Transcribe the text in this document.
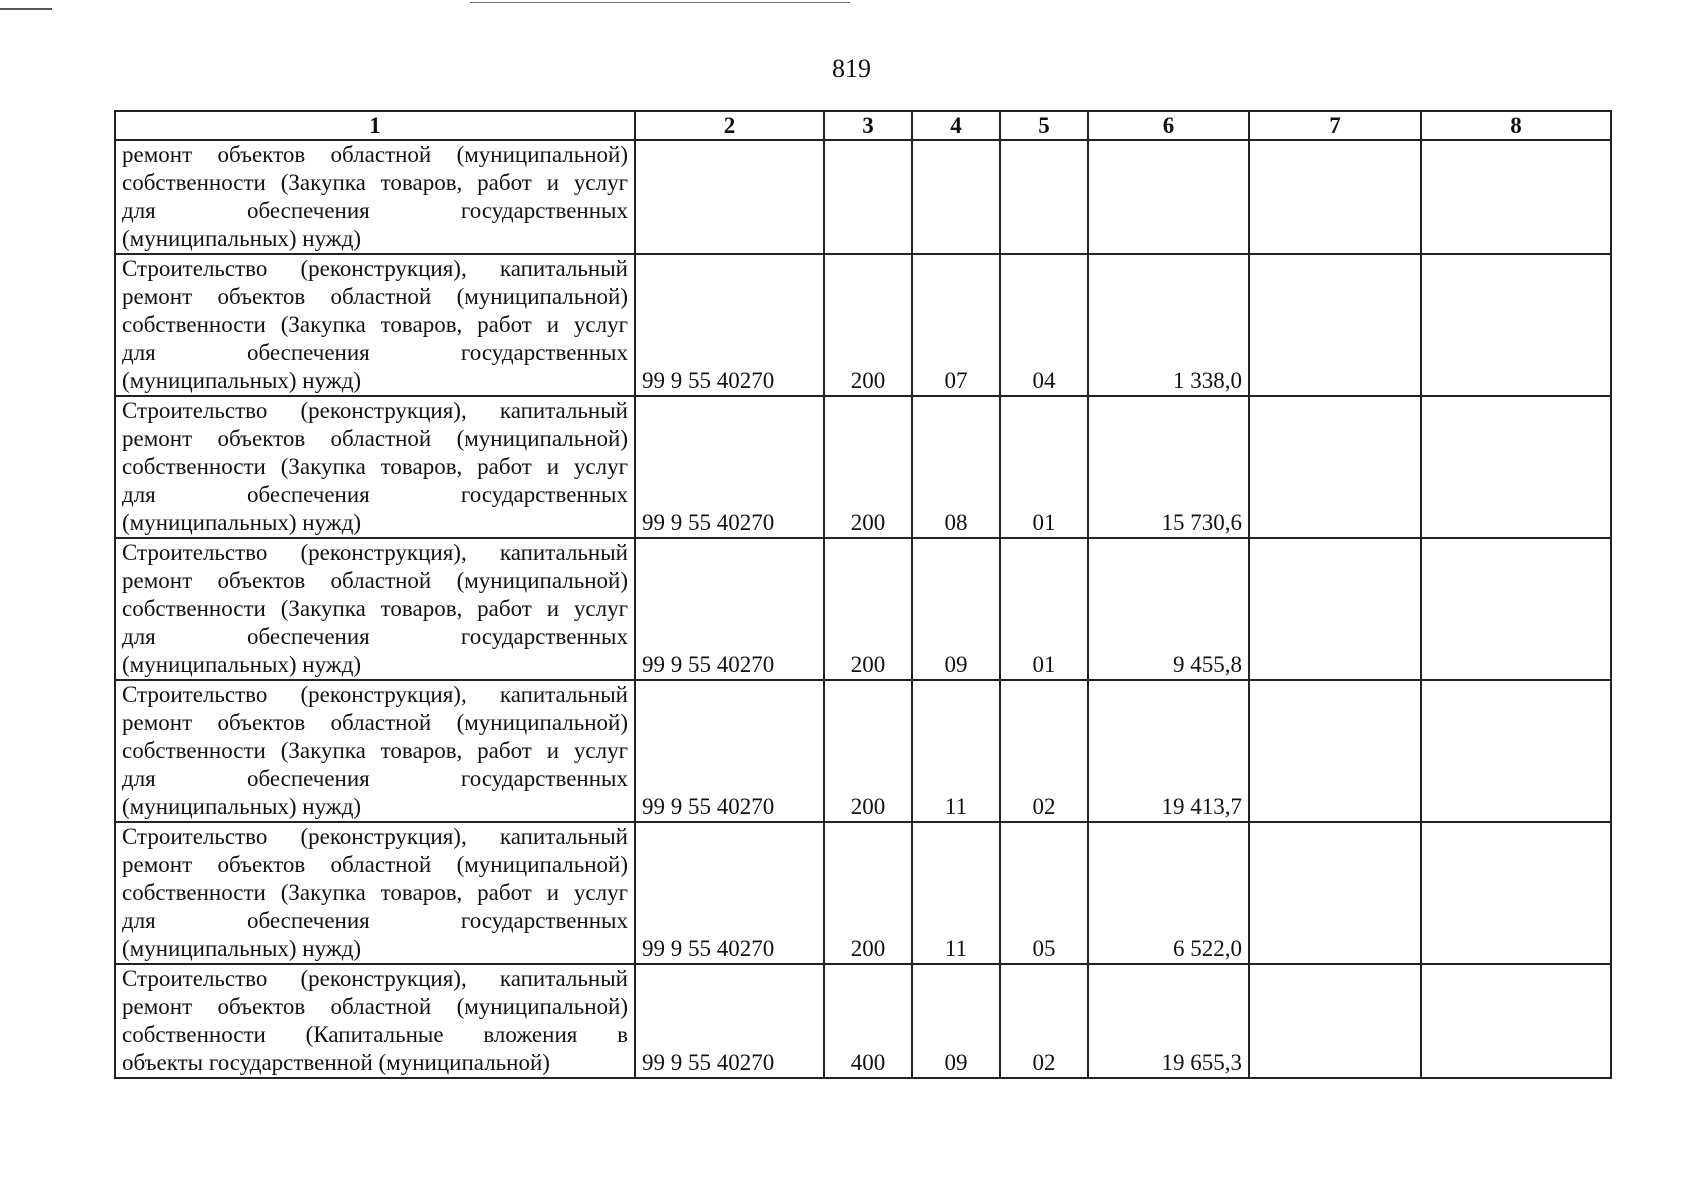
819
1	2	3	4	5	6	7	8

ремонт объектов областной (муниципальной)
собственности (Закупка товаров, работ и услуг
для обеспечения государственных
(муниципальных) нужд)							

Строительство (реконструкция), капитальный
ремонт объектов областной (муниципальной)
собственности (Закупка товаров, работ и услуг
для обеспечения государственных
(муниципальных) нужд)	99 9 55 40270	200	07	04	1 338,0		

Строительство (реконструкция), капитальный
ремонт объектов областной (муниципальной)
собственности (Закупка товаров, работ и услуг
для обеспечения государственных
(муниципальных) нужд)	99 9 55 40270	200	08	01	15 730,6		

Строительство (реконструкция), капитальный
ремонт объектов областной (муниципальной)
собственности (Закупка товаров, работ и услуг
для обеспечения государственных
(муниципальных) нужд)	99 9 55 40270	200	09	01	9 455,8		

Строительство (реконструкция), капитальный
ремонт объектов областной (муниципальной)
собственности (Закупка товаров, работ и услуг
для обеспечения государственных
(муниципальных) нужд)	99 9 55 40270	200	11	02	19 413,7		

Строительство (реконструкция), капитальный
ремонт объектов областной (муниципальной)
собственности (Закупка товаров, работ и услуг
для обеспечения государственных
(муниципальных) нужд)	99 9 55 40270	200	11	05	6 522,0		

Строительство (реконструкция), капитальный
ремонт объектов областной (муниципальной)
собственности (Капитальные вложения в
объекты государственной (муниципальной)	99 9 55 40270	400	09	02	19 655,3		
